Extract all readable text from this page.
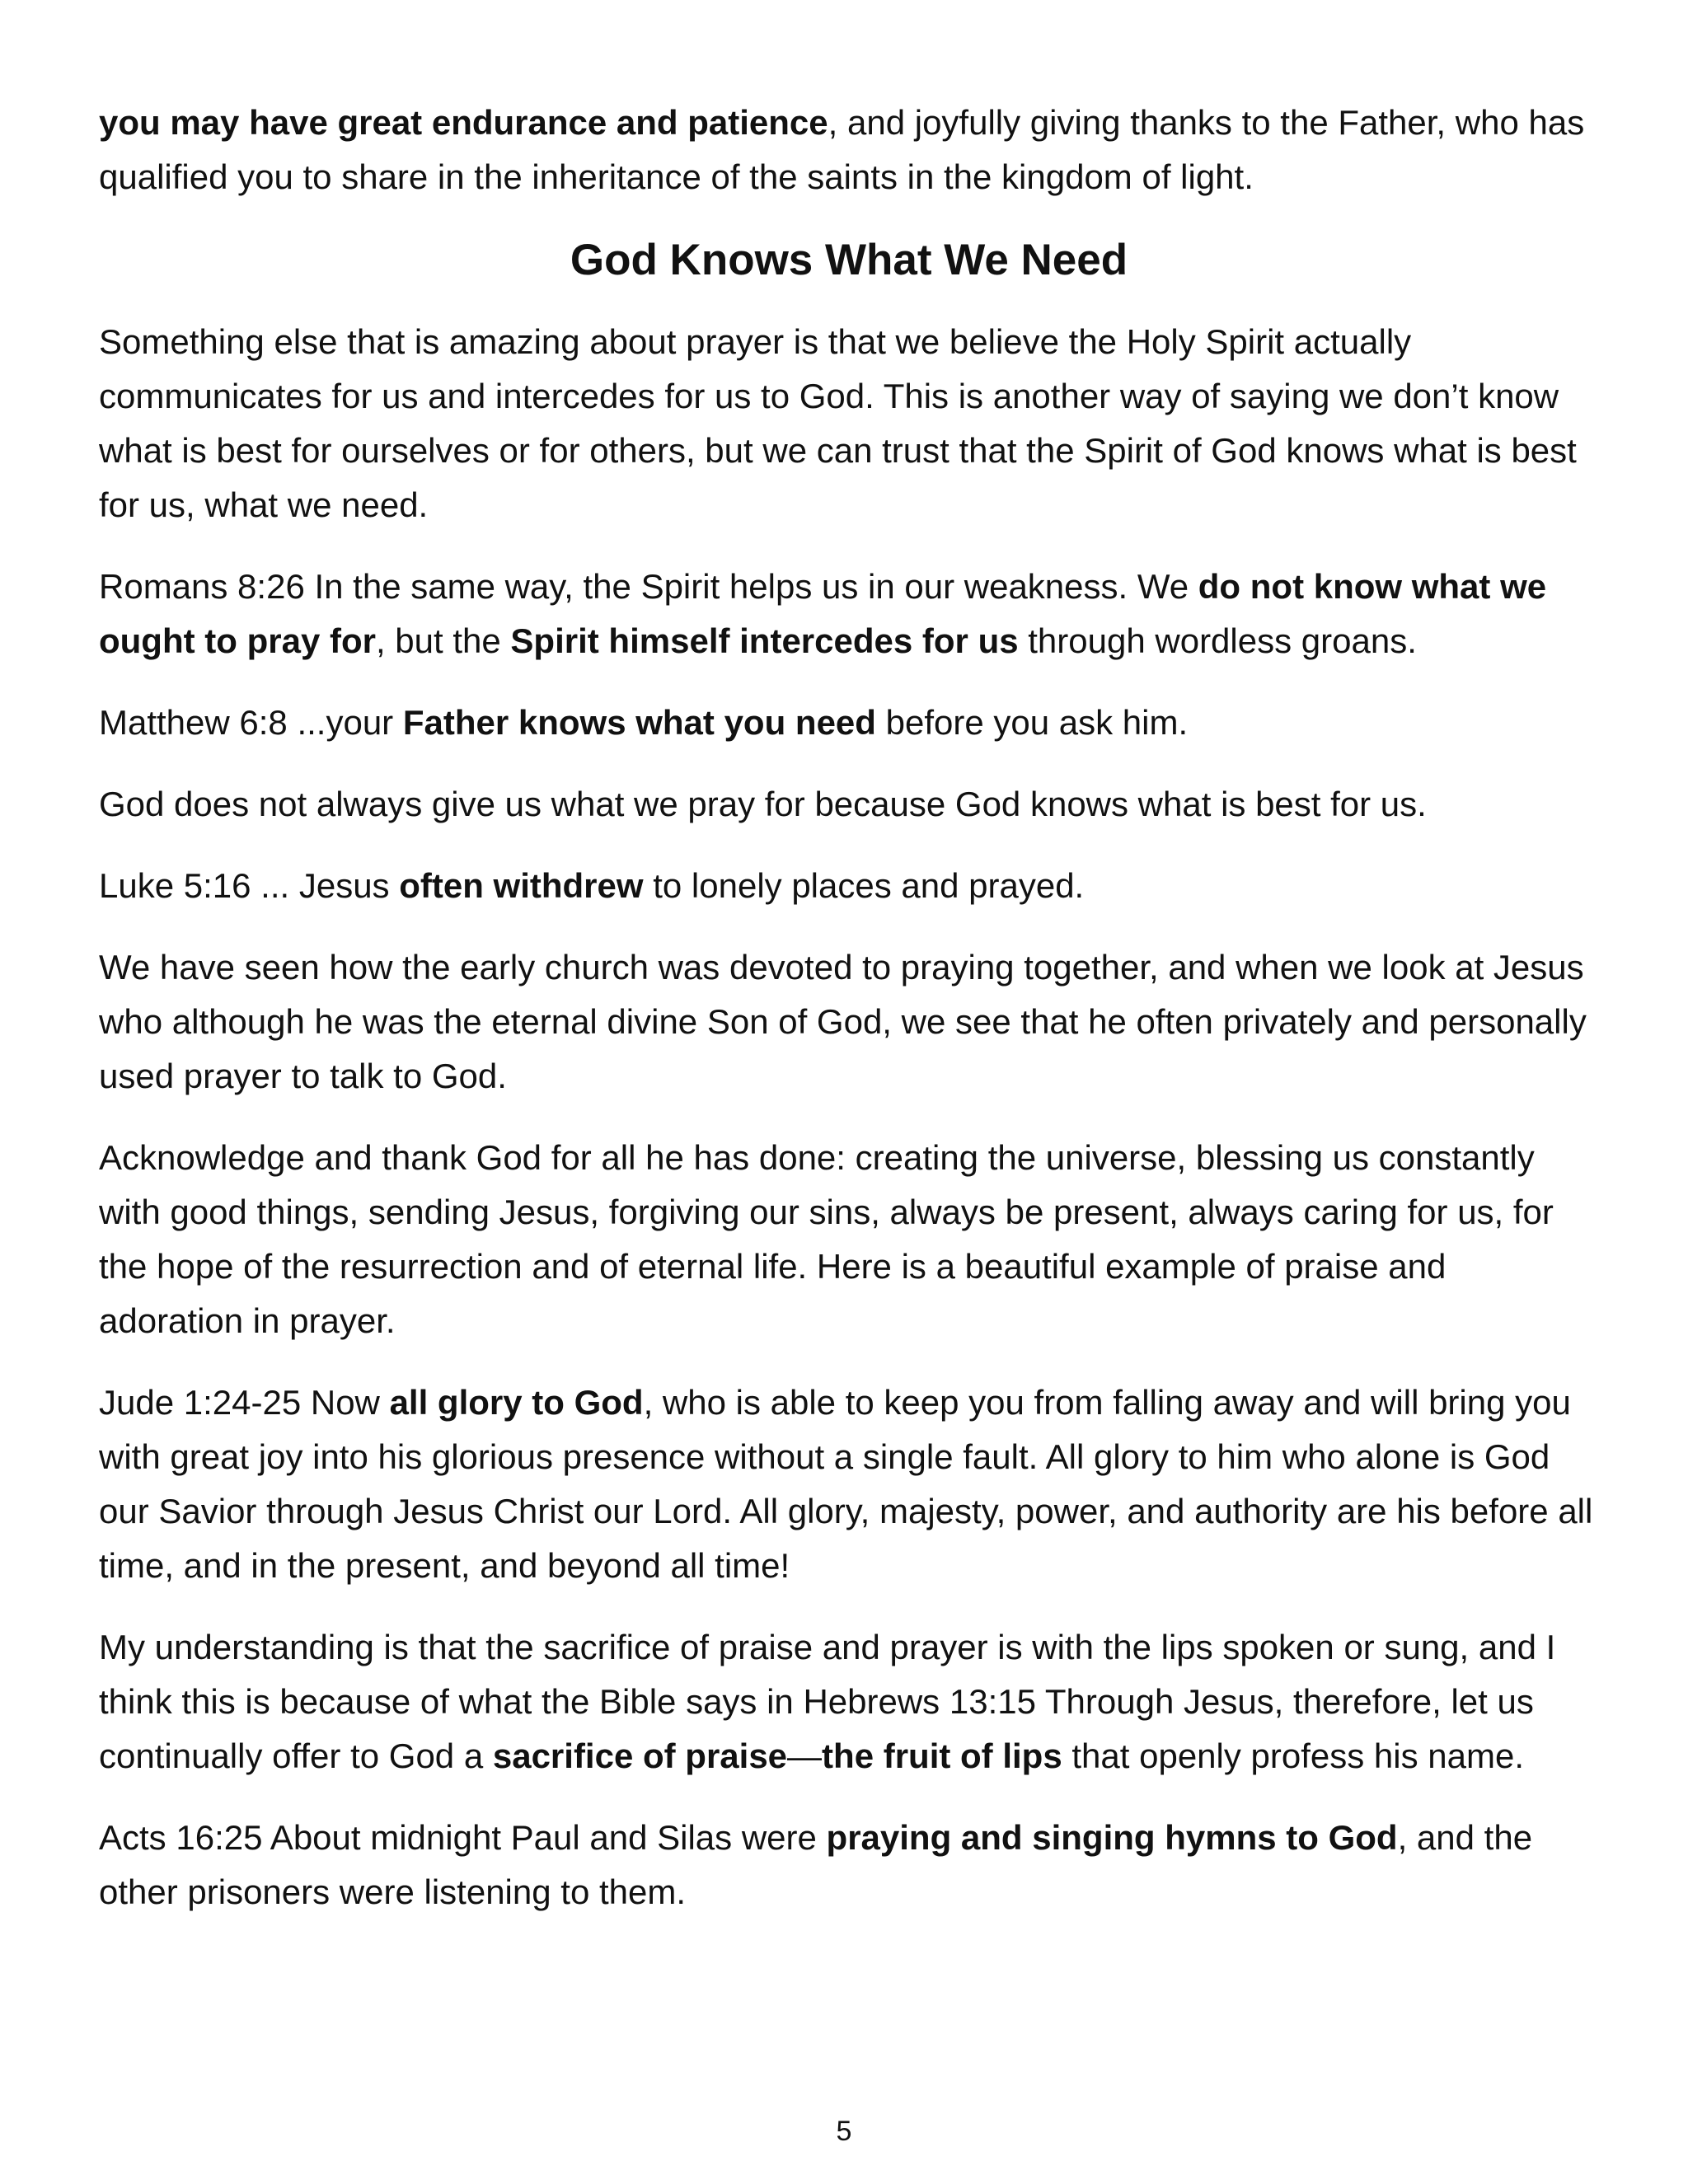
you may have great endurance and patience, and joyfully giving thanks to the Father, who has qualified you to share in the inheritance of the saints in the kingdom of light.

God Knows What We Need

Something else that is amazing about prayer is that we believe the Holy Spirit actually communicates for us and intercedes for us to God. This is another way of saying we don’t know what is best for ourselves or for others, but we can trust that the Spirit of God knows what is best for us, what we need.

Romans 8:26 In the same way, the Spirit helps us in our weakness. We do not know what we ought to pray for, but the Spirit himself intercedes for us through wordless groans.

Matthew 6:8 ...your Father knows what you need before you ask him.

God does not always give us what we pray for because God knows what is best for us.

Luke 5:16 ... Jesus often withdrew to lonely places and prayed.

We have seen how the early church was devoted to praying together, and when we look at Jesus who although he was the eternal divine Son of God, we see that he often privately and personally used prayer to talk to God.

Acknowledge and thank God for all he has done: creating the universe, blessing us constantly with good things, sending Jesus, forgiving our sins, always be present, always caring for us, for the hope of the resurrection and of eternal life. Here is a beautiful example of praise and adoration in prayer.

Jude 1:24-25 Now all glory to God, who is able to keep you from falling away and will bring you with great joy into his glorious presence without a single fault. All glory to him who alone is God our Savior through Jesus Christ our Lord. All glory, majesty, power, and authority are his before all time, and in the present, and beyond all time!

My understanding is that the sacrifice of praise and prayer is with the lips spoken or sung, and I think this is because of what the Bible says in Hebrews 13:15 Through Jesus, therefore, let us continually offer to God a sacrifice of praise—the fruit of lips that openly profess his name.

Acts 16:25 About midnight Paul and Silas were praying and singing hymns to God, and the other prisoners were listening to them.

5
